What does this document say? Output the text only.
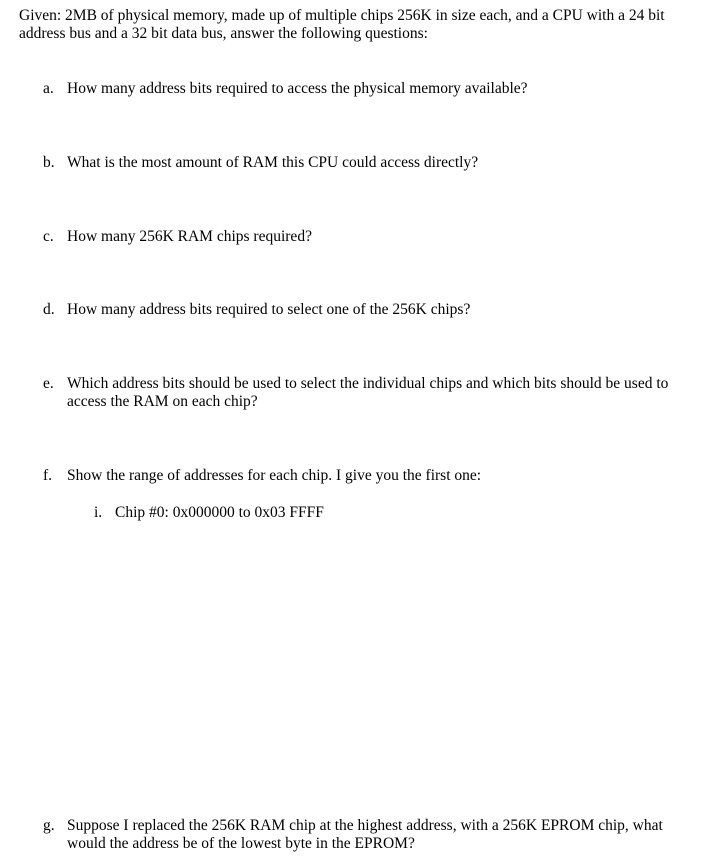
Given: 2MB of physical memory, made up of multiple chips 256K in size each, and a CPU with a 24 bit address bus and a 32 bit data bus, answer the following questions:
a. How many address bits required to access the physical memory available?
b. What is the most amount of RAM this CPU could access directly?
c. How many 256K RAM chips required?
d. How many address bits required to select one of the 256K chips?
e. Which address bits should be used to select the individual chips and which bits should be used to access the RAM on each chip?
f. Show the range of addresses for each chip. I give you the first one:
i. Chip #0: 0x000000 to 0x03 FFFF
g. Suppose I replaced the 256K RAM chip at the highest address, with a 256K EPROM chip, what would the address be of the lowest byte in the EPROM?
